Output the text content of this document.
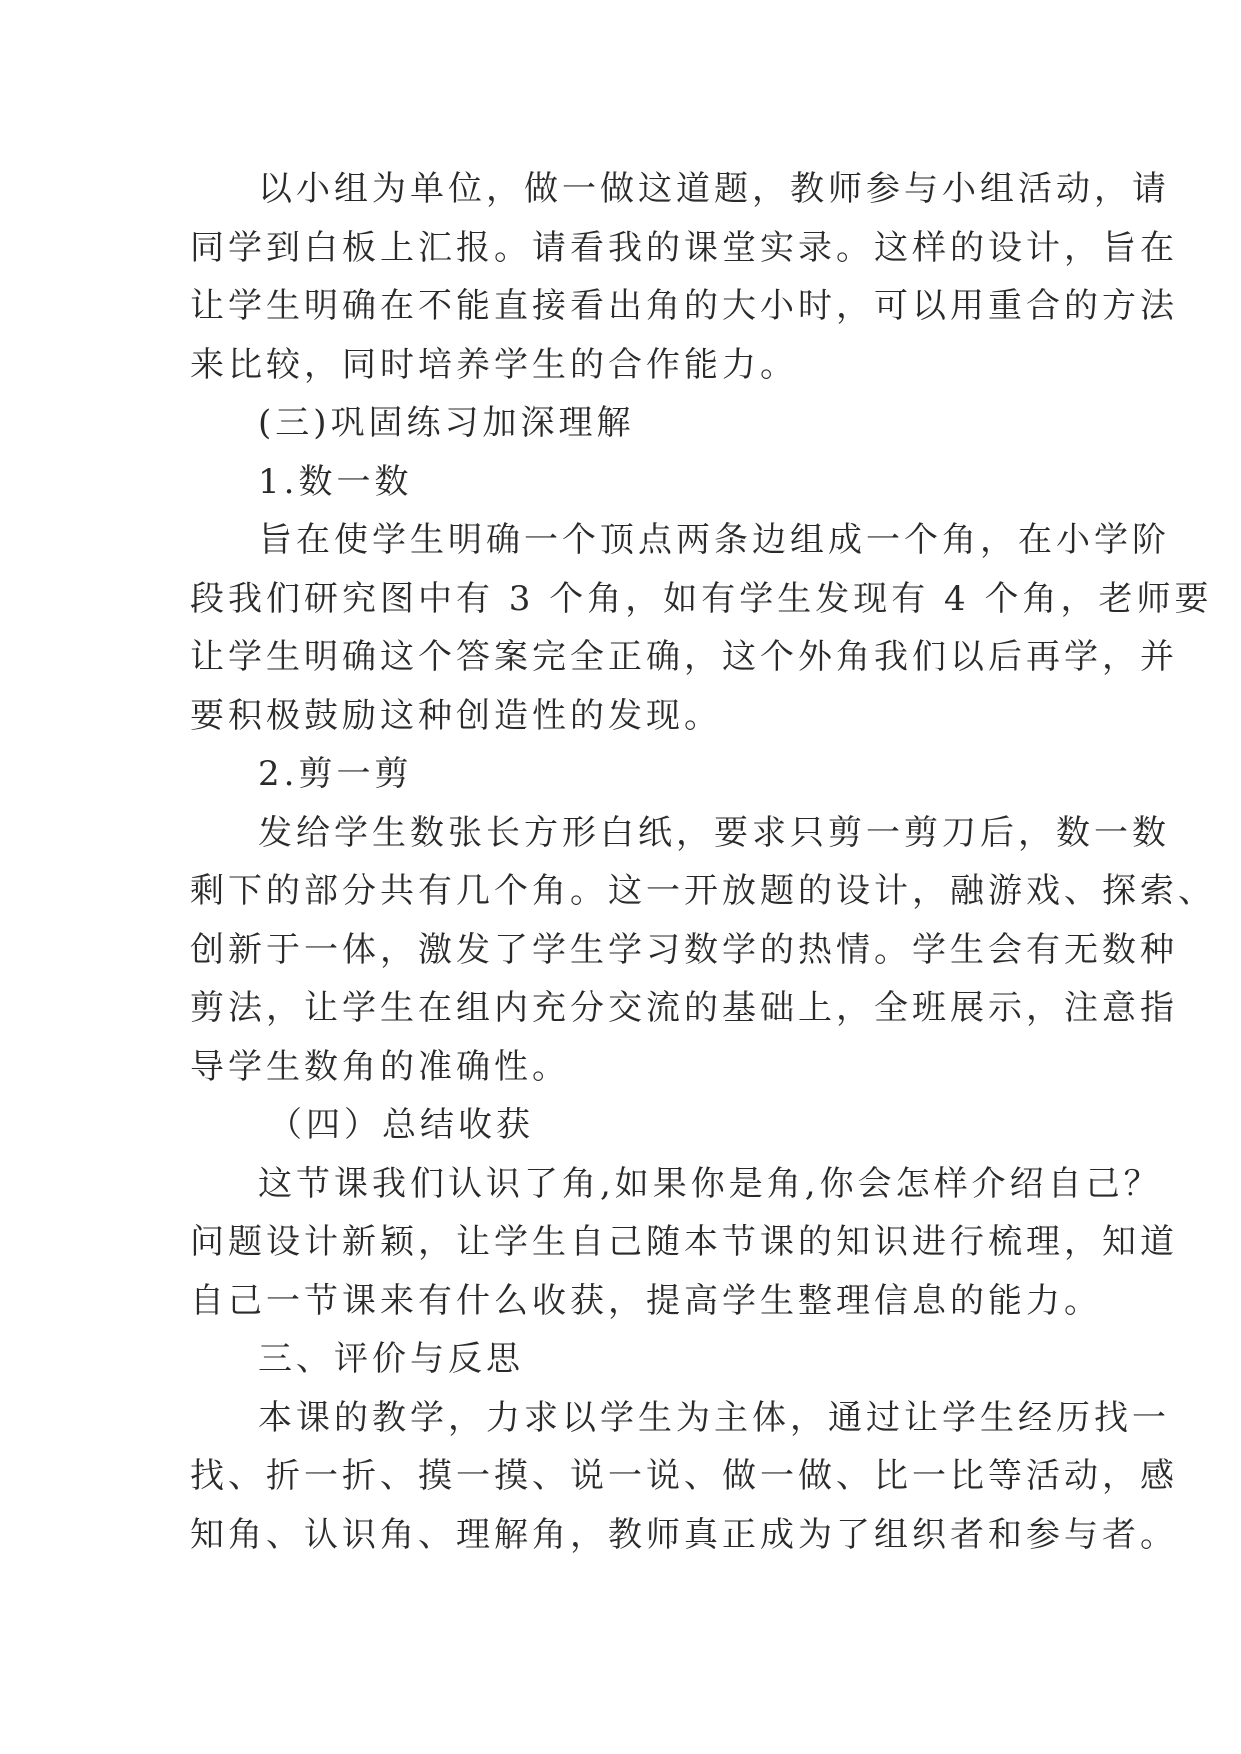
以小组为单位，做一做这道题，教师参与小组活动，请
同学到白板上汇报。请看我的课堂实录。这样的设计，旨在
让学生明确在不能直接看出角的大小时，可以用重合的方法
来比较，同时培养学生的合作能力。
(三)巩固练习加深理解
1.数一数
旨在使学生明确一个顶点两条边组成一个角，在小学阶
段我们研究图中有 3 个角，如有学生发现有 4 个角，老师要
让学生明确这个答案完全正确，这个外角我们以后再学，并
要积极鼓励这种创造性的发现。
2.剪一剪
发给学生数张长方形白纸，要求只剪一剪刀后，数一数
剩下的部分共有几个角。这一开放题的设计，融游戏、探索、
创新于一体，激发了学生学习数学的热情。学生会有无数种
剪法，让学生在组内充分交流的基础上，全班展示，注意指
导学生数角的准确性。
（四）总结收获
这节课我们认识了角,如果你是角,你会怎样介绍自己？
问题设计新颖，让学生自己随本节课的知识进行梳理，知道
自己一节课来有什么收获，提高学生整理信息的能力。
三、评价与反思
本课的教学，力求以学生为主体，通过让学生经历找一
找、折一折、摸一摸、说一说、做一做、比一比等活动，感
知角、认识角、理解角，教师真正成为了组织者和参与者。
